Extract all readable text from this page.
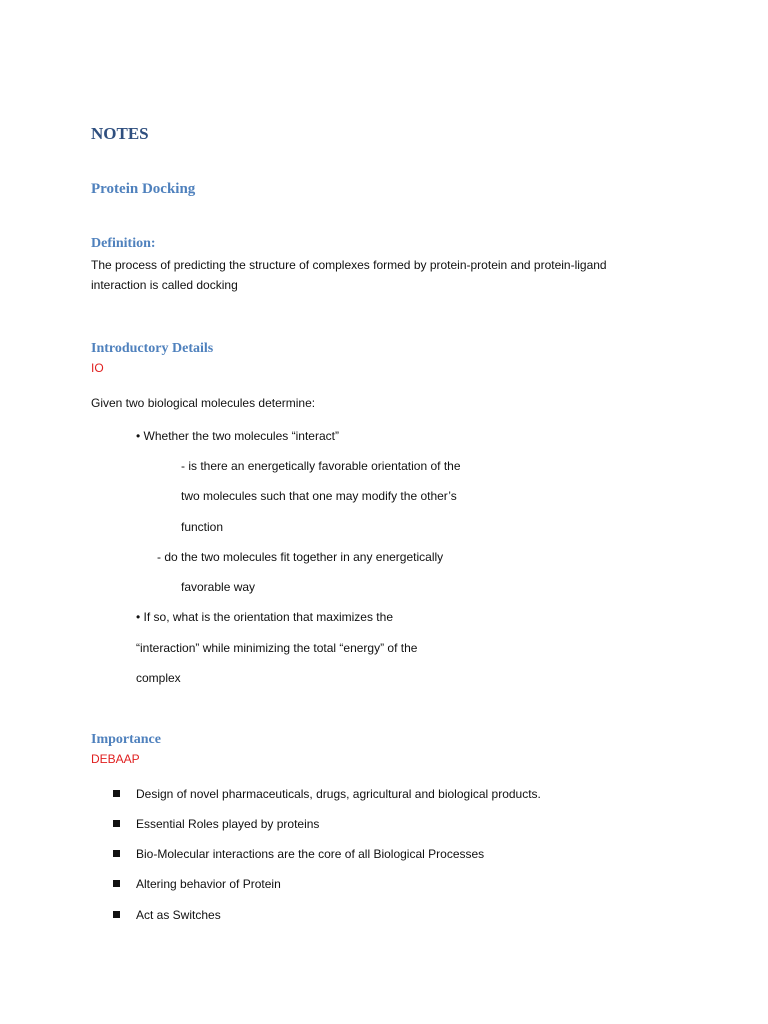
NOTES
Protein Docking
Definition:
The process of predicting the structure of complexes formed by protein-protein and protein-ligand
interaction is called docking
Introductory Details
IO
Given two biological molecules determine:
• Whether the two molecules “interact”
- is there an energetically favorable orientation of the
two molecules such that one may modify the other’s
function
- do the two molecules fit together in any energetically
favorable way
• If so, what is the orientation that maximizes the
“interaction” while minimizing the total “energy” of the
complex
Importance
DEBAAP
Design of novel pharmaceuticals, drugs, agricultural and biological products.
Essential Roles played by proteins
Bio-Molecular interactions are the core of all Biological Processes
Altering behavior of Protein
Act as Switches
